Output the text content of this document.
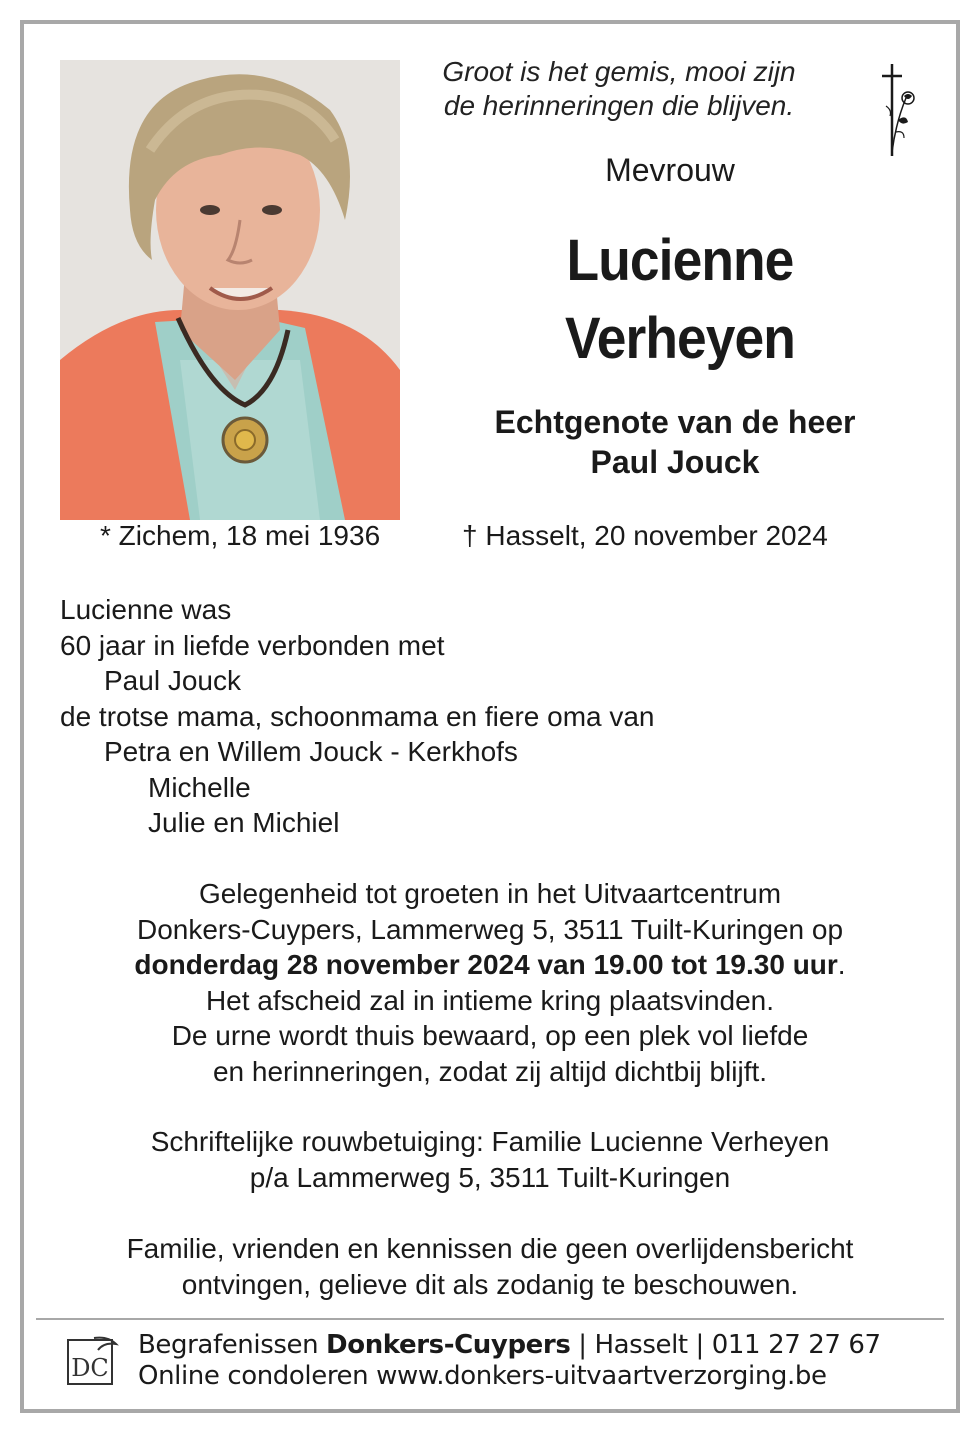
Groot is het gemis, mooi zijn
de herinneringen die blijven.
Mevrouw
Lucienne
Verheyen
Echtgenote van de heer
Paul Jouck
* Zichem, 18 mei 1936	† Hasselt, 20 november 2024
Lucienne was
60 jaar in liefde verbonden met
Paul Jouck
de trotse mama, schoonmama en fiere oma van
Petra en Willem Jouck - Kerkhofs
Michelle
Julie en Michiel
Gelegenheid tot groeten in het Uitvaartcentrum
Donkers-Cuypers, Lammerweg 5, 3511 Tuilt-Kuringen op
donderdag 28 november 2024 van 19.00 tot 19.30 uur.
Het afscheid zal in intieme kring plaatsvinden.
De urne wordt thuis bewaard, op een plek vol liefde
en herinneringen, zodat zij altijd dichtbij blijft.
Schriftelijke rouwbetuiging: Familie Lucienne Verheyen
p/a Lammerweg 5, 3511 Tuilt-Kuringen
Familie, vrienden en kennissen die geen overlijdensbericht
ontvingen, gelieve dit als zodanig te beschouwen.
DC
Begrafenissen Donkers-Cuypers | Hasselt | 011 27 27 67
Online condoleren www.donkers-uitvaartverzorging.be
